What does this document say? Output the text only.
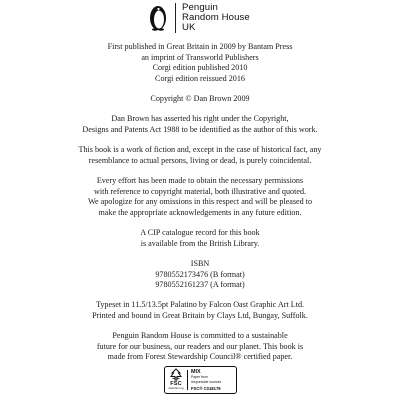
Penguin
Random House
UK
First published in Great Britain in 2009 by Bantam Press
an imprint of Transworld Publishers
Corgi edition published 2010
Corgi edition reissued 2016
Copyright © Dan Brown 2009
Dan Brown has asserted his right under the Copyright,
Designs and Patents Act 1988 to be identified as the author of this work.
This book is a work of fiction and, except in the case of historical fact, any
resemblance to actual persons, living or dead, is purely coincidental.
Every effort has been made to obtain the necessary permissions
with reference to copyright material, both illustrative and quoted.
We apologize for any omissions in this respect and will be pleased to
make the appropriate acknowledgements in any future edition.
A CIP catalogue record for this book
is available from the British Library.
ISBN
9780552173476 (B format)
9780552161237 (A format)
Typeset in 11.5/13.5pt Palatino by Falcon Oast Graphic Art Ltd.
Printed and bound in Great Britain by Clays Ltd, Bungay, Suffolk.
Penguin Random House is committed to a sustainable
future for our business, our readers and our planet. This book is
made from Forest Stewardship Council® certified paper.
FSC
www.fsc.org
MIX
Paper from
responsible sources
FSC® C018179
